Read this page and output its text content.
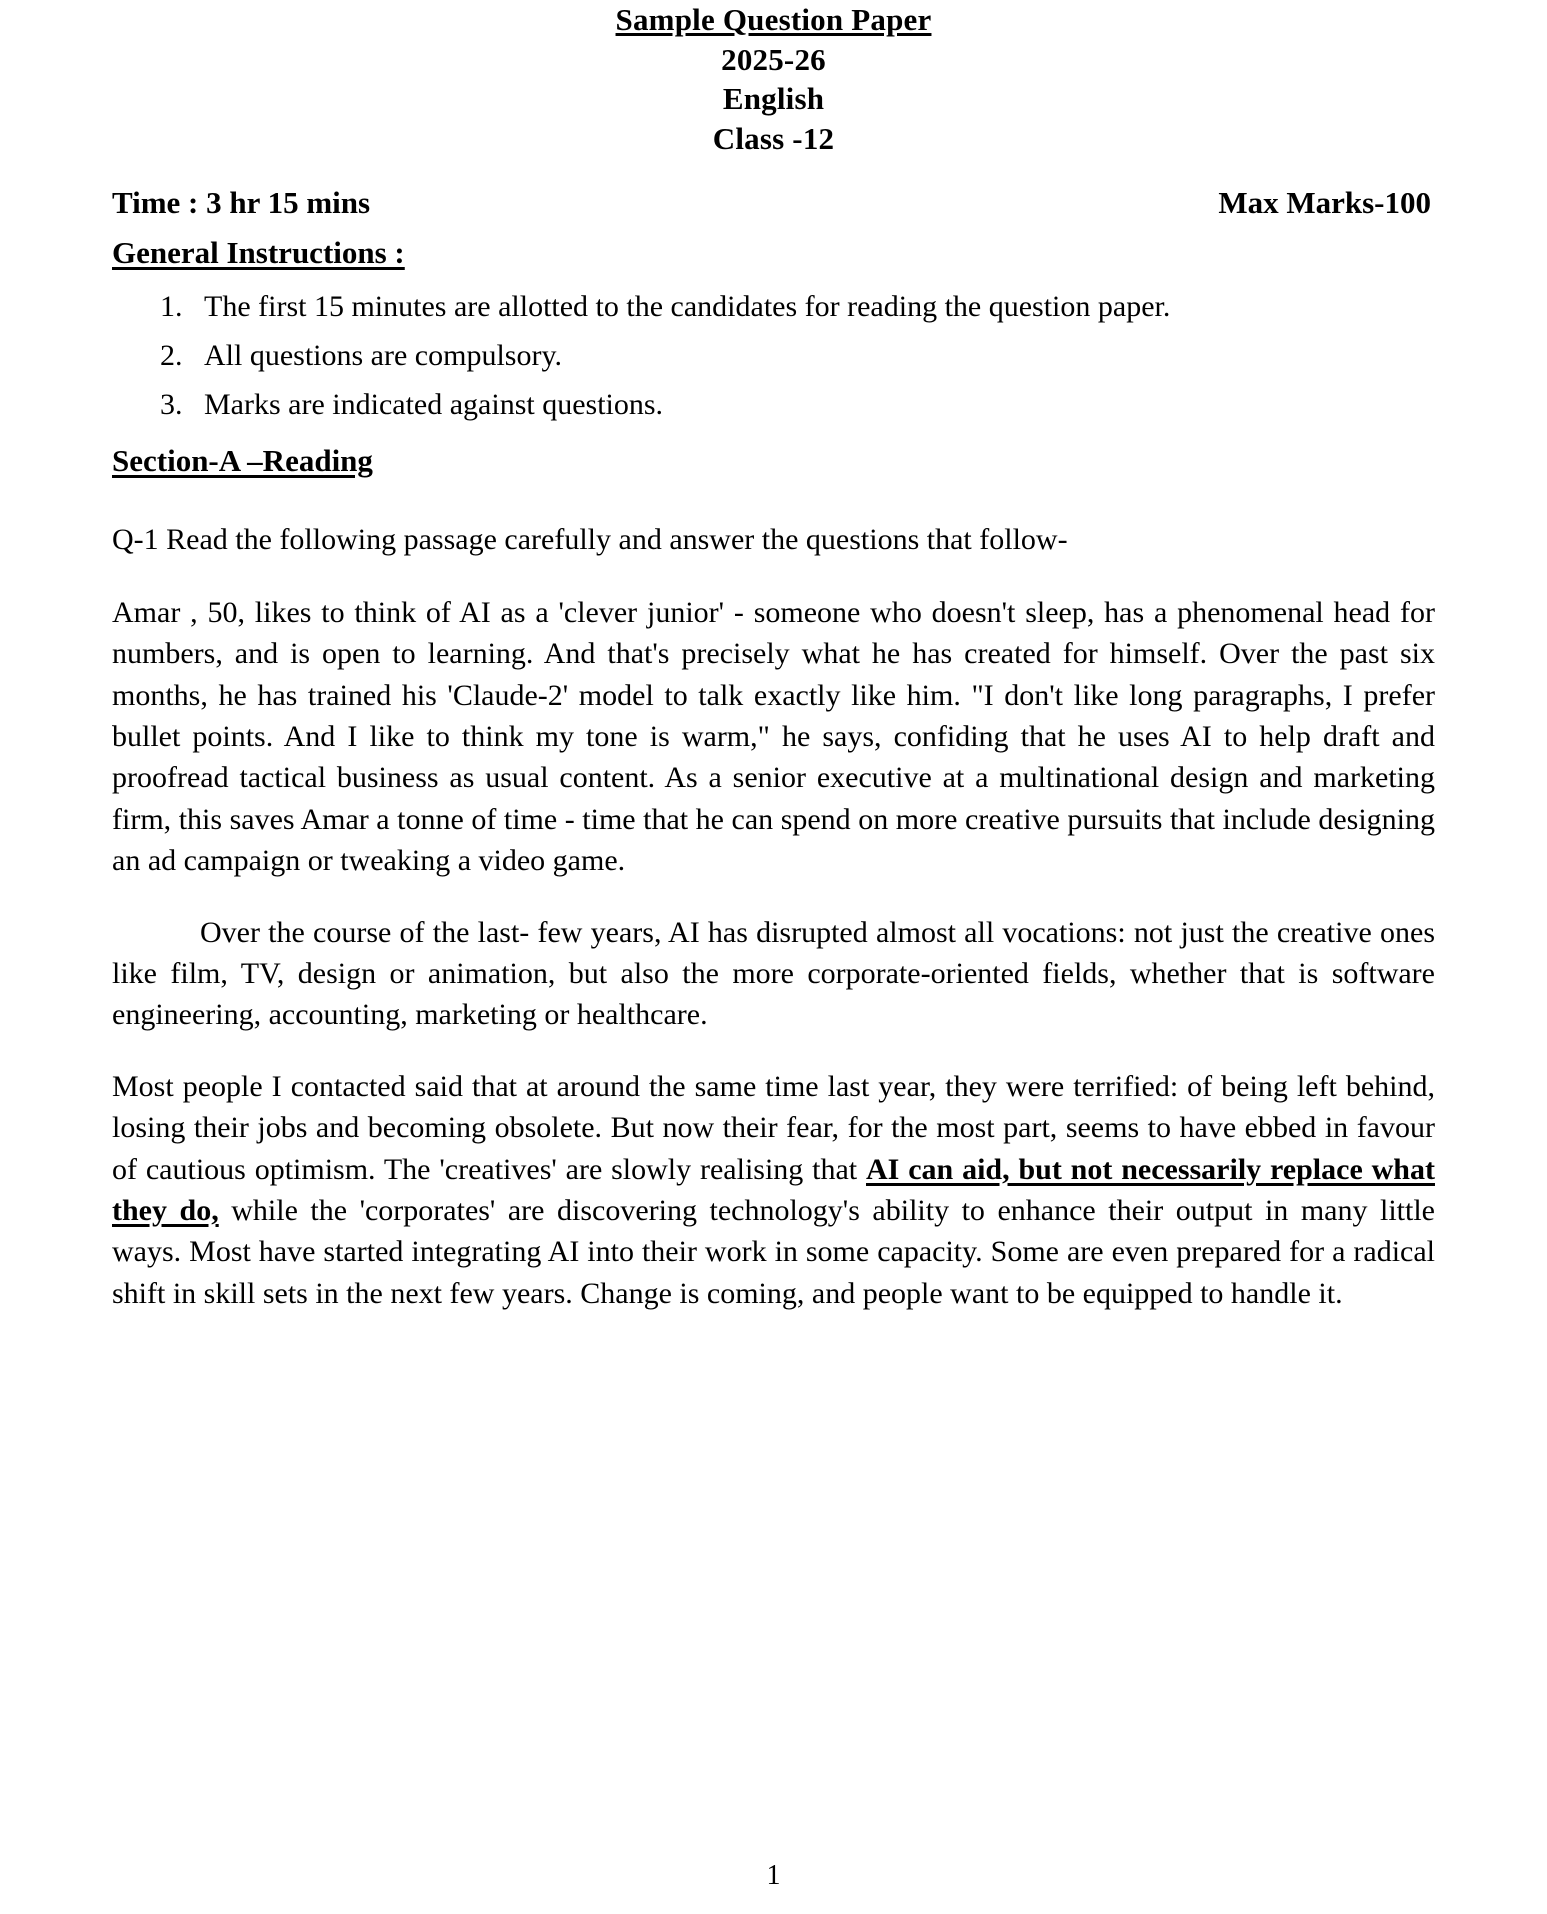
Sample Question Paper
2025-26
English
Class -12
Time : 3 hr 15 mins	Max Marks-100
General Instructions :
1. The first 15 minutes are allotted to the candidates for reading the question paper.
2. All questions are compulsory.
3. Marks are indicated against questions.
Section-A –Reading
Q-1 Read the following passage carefully and answer the questions that follow-

Amar , 50, likes to think of AI as a 'clever junior' - someone who doesn't sleep, has a phenomenal head for numbers, and is open to learning. And that's precisely what he has created for himself. Over the past six months, he has trained his 'Claude-2' model to talk exactly like him. "I don't like long paragraphs, I prefer bullet points. And I like to think my tone is warm," he says, confiding that he uses AI to help draft and proofread tactical business as usual content. As a senior executive at a multinational design and marketing firm, this saves Amar a tonne of time - time that he can spend on more creative pursuits that include designing an ad campaign or tweaking a video game.

Over the course of the last- few years, AI has disrupted almost all vocations: not just the creative ones like film, TV, design or animation, but also the more corporate-oriented fields, whether that is software engineering, accounting, marketing or healthcare.

Most people I contacted said that at around the same time last year, they were terrified: of being left behind, losing their jobs and becoming obsolete. But now their fear, for the most part, seems to have ebbed in favour of cautious optimism. The 'creatives' are slowly realising that AI can aid, but not necessarily replace what they do, while the 'corporates' are discovering technology's ability to enhance their output in many little ways. Most have started integrating AI into their work in some capacity. Some are even prepared for a radical shift in skill sets in the next few years. Change is coming, and people want to be equipped to handle it.

1
